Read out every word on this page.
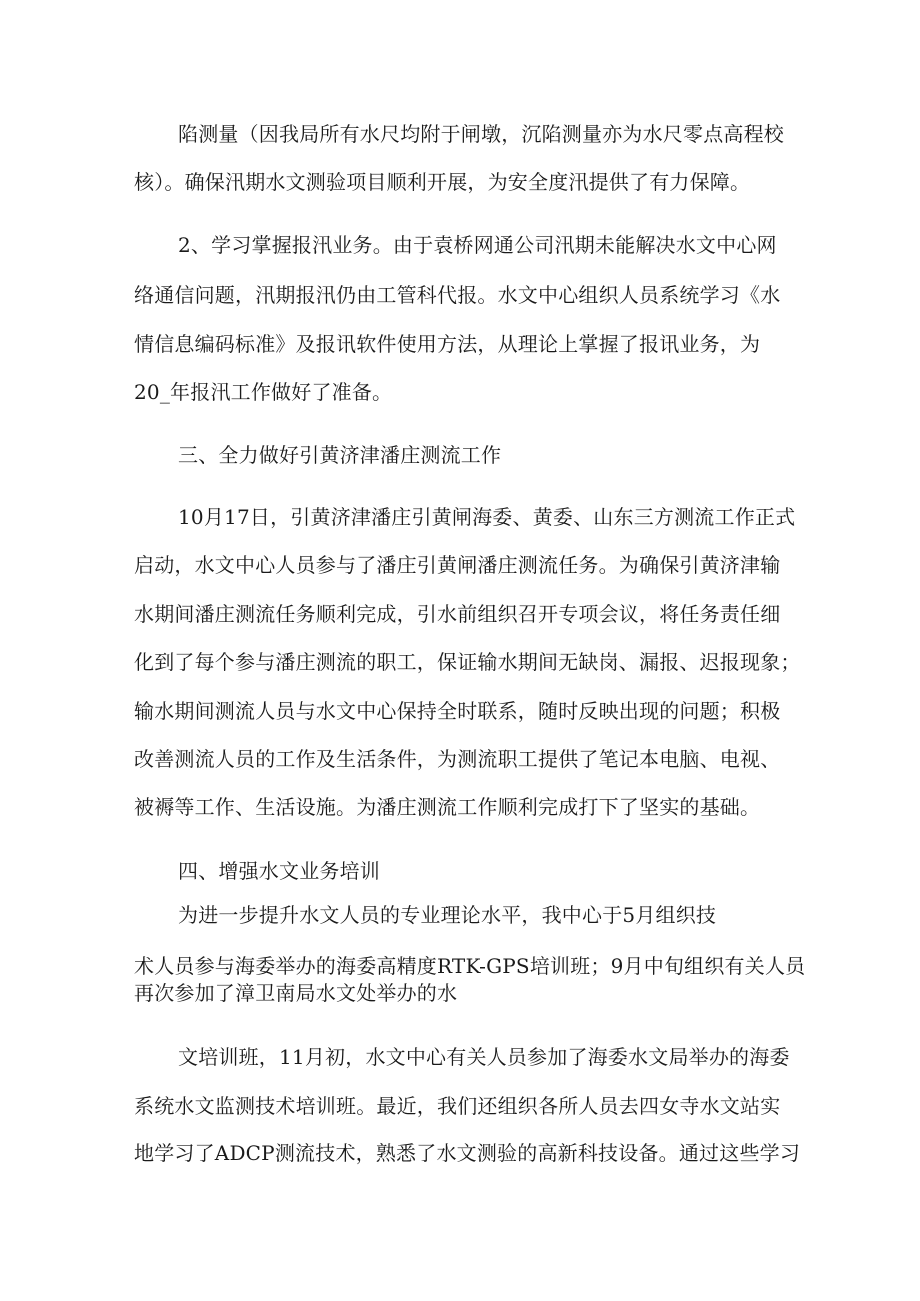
陷测量（因我局所有水尺均附于闸墩，沉陷测量亦为水尺零点高程校
核）。确保汛期水文测验项目顺利开展，为安全度汛提供了有力保障。
2、学习掌握报汛业务。由于袁桥网通公司汛期未能解决水文中心网
络通信问题，汛期报汛仍由工管科代报。水文中心组织人员系统学习《水
情信息编码标准》及报讯软件使用方法，从理论上掌握了报讯业务，为
20_年报汛工作做好了准备。
三、全力做好引黄济津潘庄测流工作
10月17日，引黄济津潘庄引黄闸海委、黄委、山东三方测流工作正式
启动，水文中心人员参与了潘庄引黄闸潘庄测流任务。为确保引黄济津输
水期间潘庄测流任务顺利完成，引水前组织召开专项会议，将任务责任细
化到了每个参与潘庄测流的职工，保证输水期间无缺岗、漏报、迟报现象；
输水期间测流人员与水文中心保持全时联系，随时反映出现的问题；积极
改善测流人员的工作及生活条件，为测流职工提供了笔记本电脑、电视、
被褥等工作、生活设施。为潘庄测流工作顺利完成打下了坚实的基础。
四、增强水文业务培训
为进一步提升水文人员的专业理论水平，我中心于5月组织技
术人员参与海委举办的海委高精度RTK-GPS培训班；9月中旬组织有关人员
再次参加了漳卫南局水文处举办的水
文培训班，11月初，水文中心有关人员参加了海委水文局举办的海委
系统水文监测技术培训班。最近，我们还组织各所人员去四女寺水文站实
地学习了ADCP测流技术，熟悉了水文测验的高新科技设备。通过这些学习
